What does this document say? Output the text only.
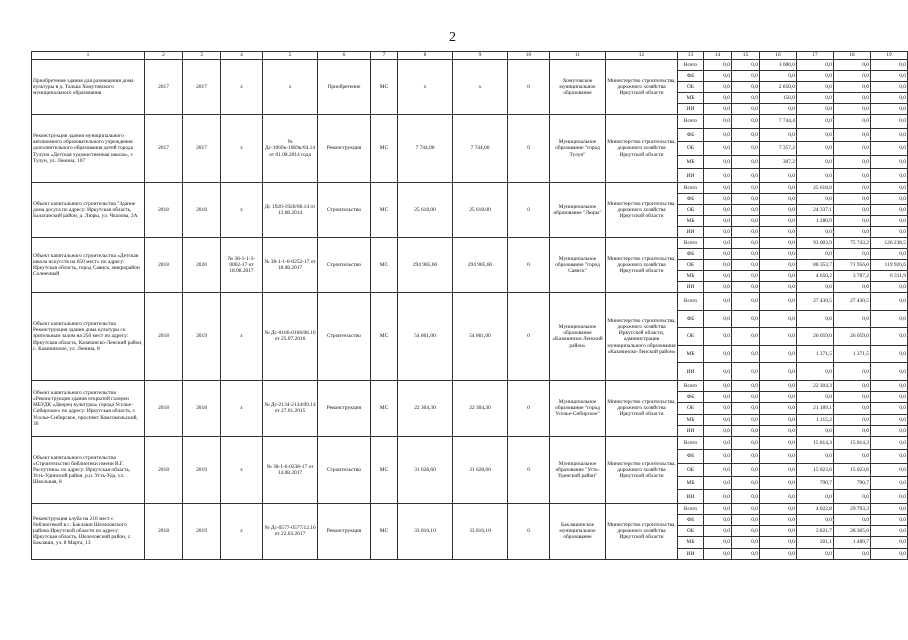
2
1	2	3	4	5	6	7	8	9	10	11	12	13	14	15	16	17	18	19
Приобретение здания для размещения дома культуры в д. Талька Хомутовского муниципального образования	2017	2017	х	х	Приобретение	МС	х	х	0	Хомутовское муниципальное образование	Министерство строительства, дорожного хозяйства Иркутской области	Всего	0,0	0,0	3 000,0	0,0	0,0	0,0
												ФБ	0,0	0,0	0,0	0,0	0,0	0,0
												ОБ	0,0	0,0	2 850,0	0,0	0,0	0,0
												МБ	0,0	0,0	150,0	0,0	0,0	0,0
												ИИ	0,0	0,0	0,0	0,0	0,0	0,0
Реконструкция здания муниципального автономного образовательного учреждения дополнительного образования детей города Тулуна «Детская художественная школа», г. Тулун, ул. Ленина, 107	2017	2017	х	№ Дс-1069к-1069к/04.14 от 01.08.2014 года	Реконструкция	МС	7 744,00	7 744,00	0	Муниципальное образование "город Тулун"	Министерство строительства, дорожного хозяйства Иркутской области	Всего	0,0	0,0	7 744,4	0,0	0,0	0,0
												ФБ	0,0	0,0	0,0	0,0	0,0	0,0
												ОБ	0,0	0,0	7 357,2	0,0	0,0	0,0
												МБ	0,0	0,0	387,2	0,0	0,0	0,0
												ИИ	0,0	0,0	0,0	0,0	0,0	0,0
Объект капитального строительства "Здание дома досуга по адресу: Иркутская область, Балаганский район, д. Люры, ул. Чкалова, 2А	2018	2018	х	Дс 1920-1920/06.14 от 13.08.2014	Строительство	МС	25 618,00	25 618,00	0	Муниципальное образование "Люры"	Министерство строительства, дорожного хозяйства Иркутской области	Всего	0,0	0,0	0,0	25 618,0	0,0	0,0
												ФБ	0,0	0,0	0,0	0,0	0,0	0,0
												ОБ	0,0	0,0	0,0	24 337,1	0,0	0,0
												МБ	0,0	0,0	0,0	1 280,9	0,0	0,0
												ИИ	0,0	0,0	0,0	0,0	0,0	0,0
Объект капитального строительства «Детская школа искусств на 650 мест» по адресу: Иркутская область, город Саянск, микрорайон Солнечный	2018	2020	№ 38-1-1-3-0062-17 от 18.08.2017	№ 38-1-1-6-0252-17 от 18.08.2017	Строительство	МС	294 985,60	294 985,60	0	Муниципальное образование "город Саянск"	Министерство строительства, дорожного хозяйства Иркутской области	Всего	0,0	0,0	0,0	93 003,9	75 743,2	126 238,5
												ФБ	0,0	0,0	0,0	0,0	0,0	0,0
												ОБ	0,0	0,0	0,0	88 353,7	71 956,0	119 926,6
												МБ	0,0	0,0	0,0	4 650,2	3 787,2	6 311,9
												ИИ	0,0	0,0	0,0	0,0	0,0	0,0
Объект капитального строительства Реконструкция здания дома культуры со зрительным залом на 250 мест по адресу: Иркутская область, Казачинско-Ленский район, с. Казачинское, ул. Ленина, 8	2018	2019	х	№ Дс-0166-0166/06.16 от 25.07.2016	Строительство	МС	54 861,00	54 861,00	0	Муниципальное образование «Казачинско-Ленский район»	Министерство строительства, дорожного хозяйства Иркутской области, администрация муниципального образования «Казачинско-Ленский район»	Всего	0,0	0,0	0,0	27 430,5	27 430,5	0,0
												ФБ	0,0	0,0	0,0	0,0	0,0	0,0
												ОБ	0,0	0,0	0,0	26 059,0	26 059,0	0,0
												МБ	0,0	0,0	0,0	1 371,5	1 371,5	0,0
												ИИ	0,0	0,0	0,0	0,0	0,0	0,0
Объект капитального строительства «Реконструкция здания открытой галереи МБУДК «Дворец культуры» города Усолье-Сибирское» по адресу: Иркутская область, г. Усолье-Сибирское, проспект Комсомольский, 30	2018	2018	х	№ Дс-2134-2134/09.14 от 27.01.2015	Реконструкция	МС	22 304,30	22 304,30	0	Муниципальное образование "город Усолье-Сибирское"	Министерство строительства, дорожного хозяйства Иркутской области	Всего	0,0	0,0	0,0	22 304,3	0,0	0,0
												ФБ	0,0	0,0	0,0	0,0	0,0	0,0
												ОБ	0,0	0,0	0,0	21 189,1	0,0	0,0
												МБ	0,0	0,0	0,0	1 115,2	0,0	0,0
												ИИ	0,0	0,0	0,0	0,0	0,0	0,0
Объект капитального строительства «Строительство библиотеки имени В.Г. Распутина» по адресу: Иркутская область, Усть-Удинский район, р.п. Усть-Уда, ул. Школьная, 8	2018	2019	х	№ 38-1-6-0238-17 от 14.08.2017	Строительство	МС	31 628,60	31 628,60	0	Муниципальное образование "Усть-Удинский район"	Министерство строительства, дорожного хозяйства Иркутской области	Всего	0,0	0,0	0,0	15 814,3	15 814,3	0,0
												ФБ	0,0	0,0	0,0	0,0	0,0	0,0
												ОБ	0,0	0,0	0,0	15 023,6	15 023,6	0,0
												МБ	0,0	0,0	0,0	790,7	790,7	0,0
												ИИ	0,0	0,0	0,0	0,0	0,0	0,0
Реконструкция клуба на 210 мест с библиотекой в с. Баклаши Шелеховского района Иркутской области по адресу: Иркутская область, Шелеховский район, с. Баклаши, ул. 8 Марта, 13	2018	2019	х	№ Дс-0577-0577/12.16 от 22.03.2017	Реконструкция	МС	33 816,10	33 816,10	0	Баклашинское муниципальное образование	Министерство строительства, дорожного хозяйства Иркутской области	Всего	0,0	0,0	0,0	4 022,8	29 793,3	0,0
												ФБ	0,0	0,0	0,0	0,0	0,0	0,0
												ОБ	0,0	0,0	0,0	3 821,7	28 305,6	0,0
												МБ	0,0	0,0	0,0	201,1	1 489,7	0,0
												ИИ	0,0	0,0	0,0	0,0	0,0	0,0
